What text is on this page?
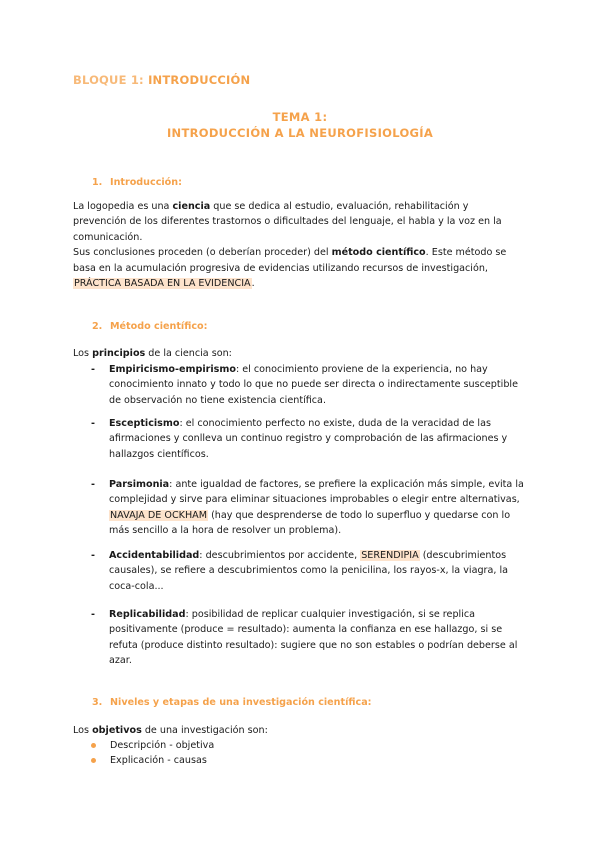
BLOQUE 1: INTRODUCCIÓN
TEMA 1:
INTRODUCCIÓN A LA NEUROFISIOLOGÍA
1. Introducción:

La logopedia es una ciencia que se dedica al estudio, evaluación, rehabilitación y prevención de los diferentes trastornos o dificultades del lenguaje, el habla y la voz en la comunicación.

Sus conclusiones proceden (o deberían proceder) del método científico. Este método se basa en la acumulación progresiva de evidencias utilizando recursos de investigación, PRÁCTICA BASADA EN LA EVIDENCIA.

2. Método científico:

Los principios de la ciencia son:

- Empiricismo-empirismo: el conocimiento proviene de la experiencia, no hay conocimiento innato y todo lo que no puede ser directa o indirectamente susceptible de observación no tiene existencia científica.
- Escepticismo: el conocimiento perfecto no existe, duda de la veracidad de las afirmaciones y conlleva un continuo registro y comprobación de las afirmaciones y hallazgos científicos.
- Parsimonia: ante igualdad de factores, se prefiere la explicación más simple, evita la complejidad y sirve para eliminar situaciones improbables o elegir entre alternativas, NAVAJA DE OCKHAM (hay que desprenderse de todo lo superfluo y quedarse con lo más sencillo a la hora de resolver un problema).
- Accidentabilidad: descubrimientos por accidente, SERENDIPIA (descubrimientos causales), se refiere a descubrimientos como la penicilina, los rayos-x, la viagra, la coca-cola...
- Replicabilidad: posibilidad de replicar cualquier investigación, si se replica positivamente (produce = resultado): aumenta la confianza en ese hallazgo, si se refuta (produce distinto resultado): sugiere que no son estables o podrían deberse al azar.
3. Niveles y etapas de una investigación científica:

Los objetivos de una investigación son:

Descripción - objetiva
Explicación - causas
